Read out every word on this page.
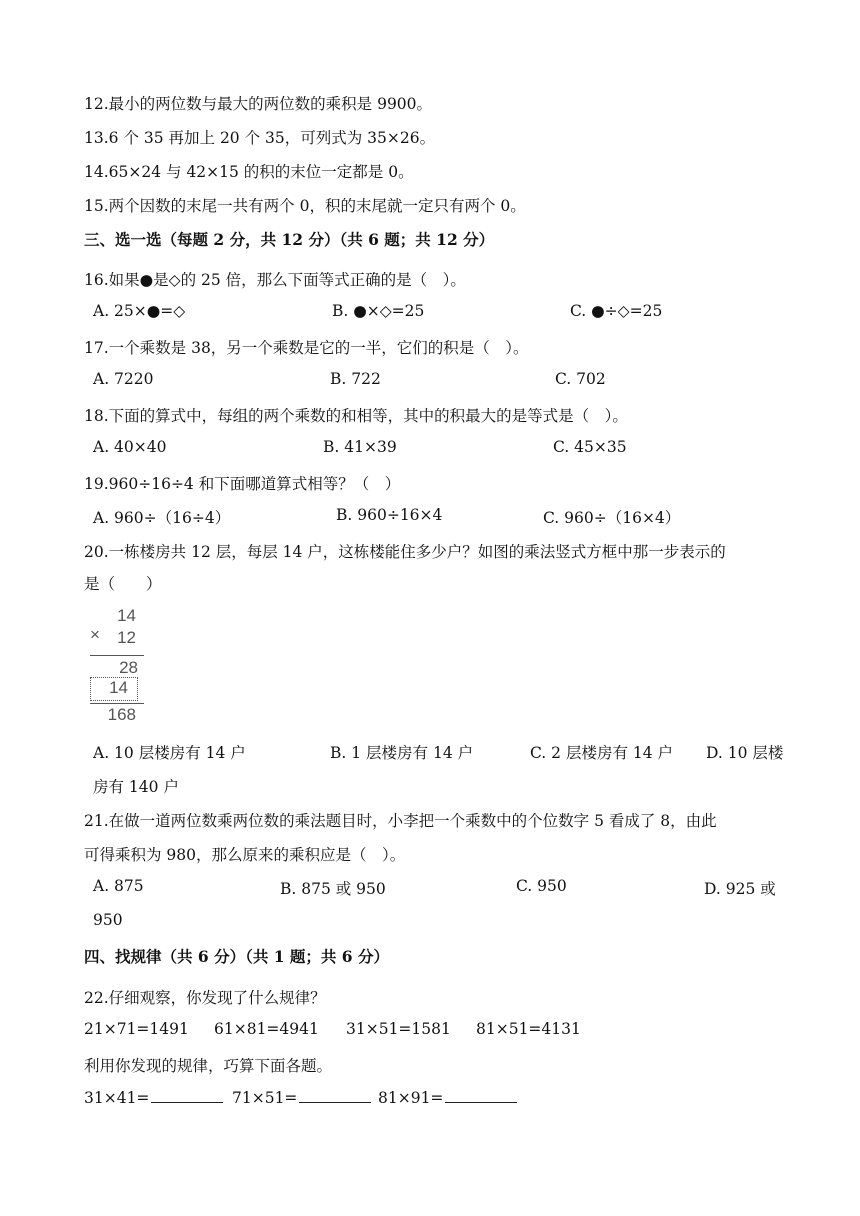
12.最小的两位数与最大的两位数的乘积是 9900。
13.6 个 35 再加上 20 个 35，可列式为 35×26。
14.65×24 与 42×15 的积的末位一定都是 0。
15.两个因数的末尾一共有两个 0，积的末尾就一定只有两个 0。
三、选一选（每题 2 分，共 12 分）（共 6 题；共 12 分）
16.如果●是◇的 25 倍，那么下面等式正确的是（　）。
A. 25×●=◇	B. ●×◇=25	C. ●÷◇=25
17.一个乘数是 38，另一个乘数是它的一半，它们的积是（　）。
A. 7220	B. 722	C. 702
18.下面的算式中，每组的两个乘数的和相等，其中的积最大的是等式是（　）。
A. 40×40	B. 41×39	C. 45×35
19.960÷16÷4 和下面哪道算式相等？（　）
A. 960÷（16÷4）	B. 960÷16×4	C. 960÷（16×4）
20.一栋楼房共 12 层，每层 14 户，这栋楼能住多少户？如图的乘法竖式方框中那一步表示的
是（　　）
14
× 12
28
14
168
A. 10 层楼房有 14 户	B. 1 层楼房有 14 户	C. 2 层楼房有 14 户 D. 10 层楼
房有 140 户
21.在做一道两位数乘两位数的乘法题目时，小李把一个乘数中的个位数字 5 看成了 8，由此
可得乘积为 980，那么原来的乘积应是（　）。
A. 875	B. 875 或 950	C. 950	D. 925 或
950
四、找规律（共 6 分）（共 1 题；共 6 分）
22.仔细观察，你发现了什么规律？
21×71=1491 61×81=4941 31×51=1581 81×51=4131
利用你发现的规律，巧算下面各题。
31×41=	71×51=	81×91=
